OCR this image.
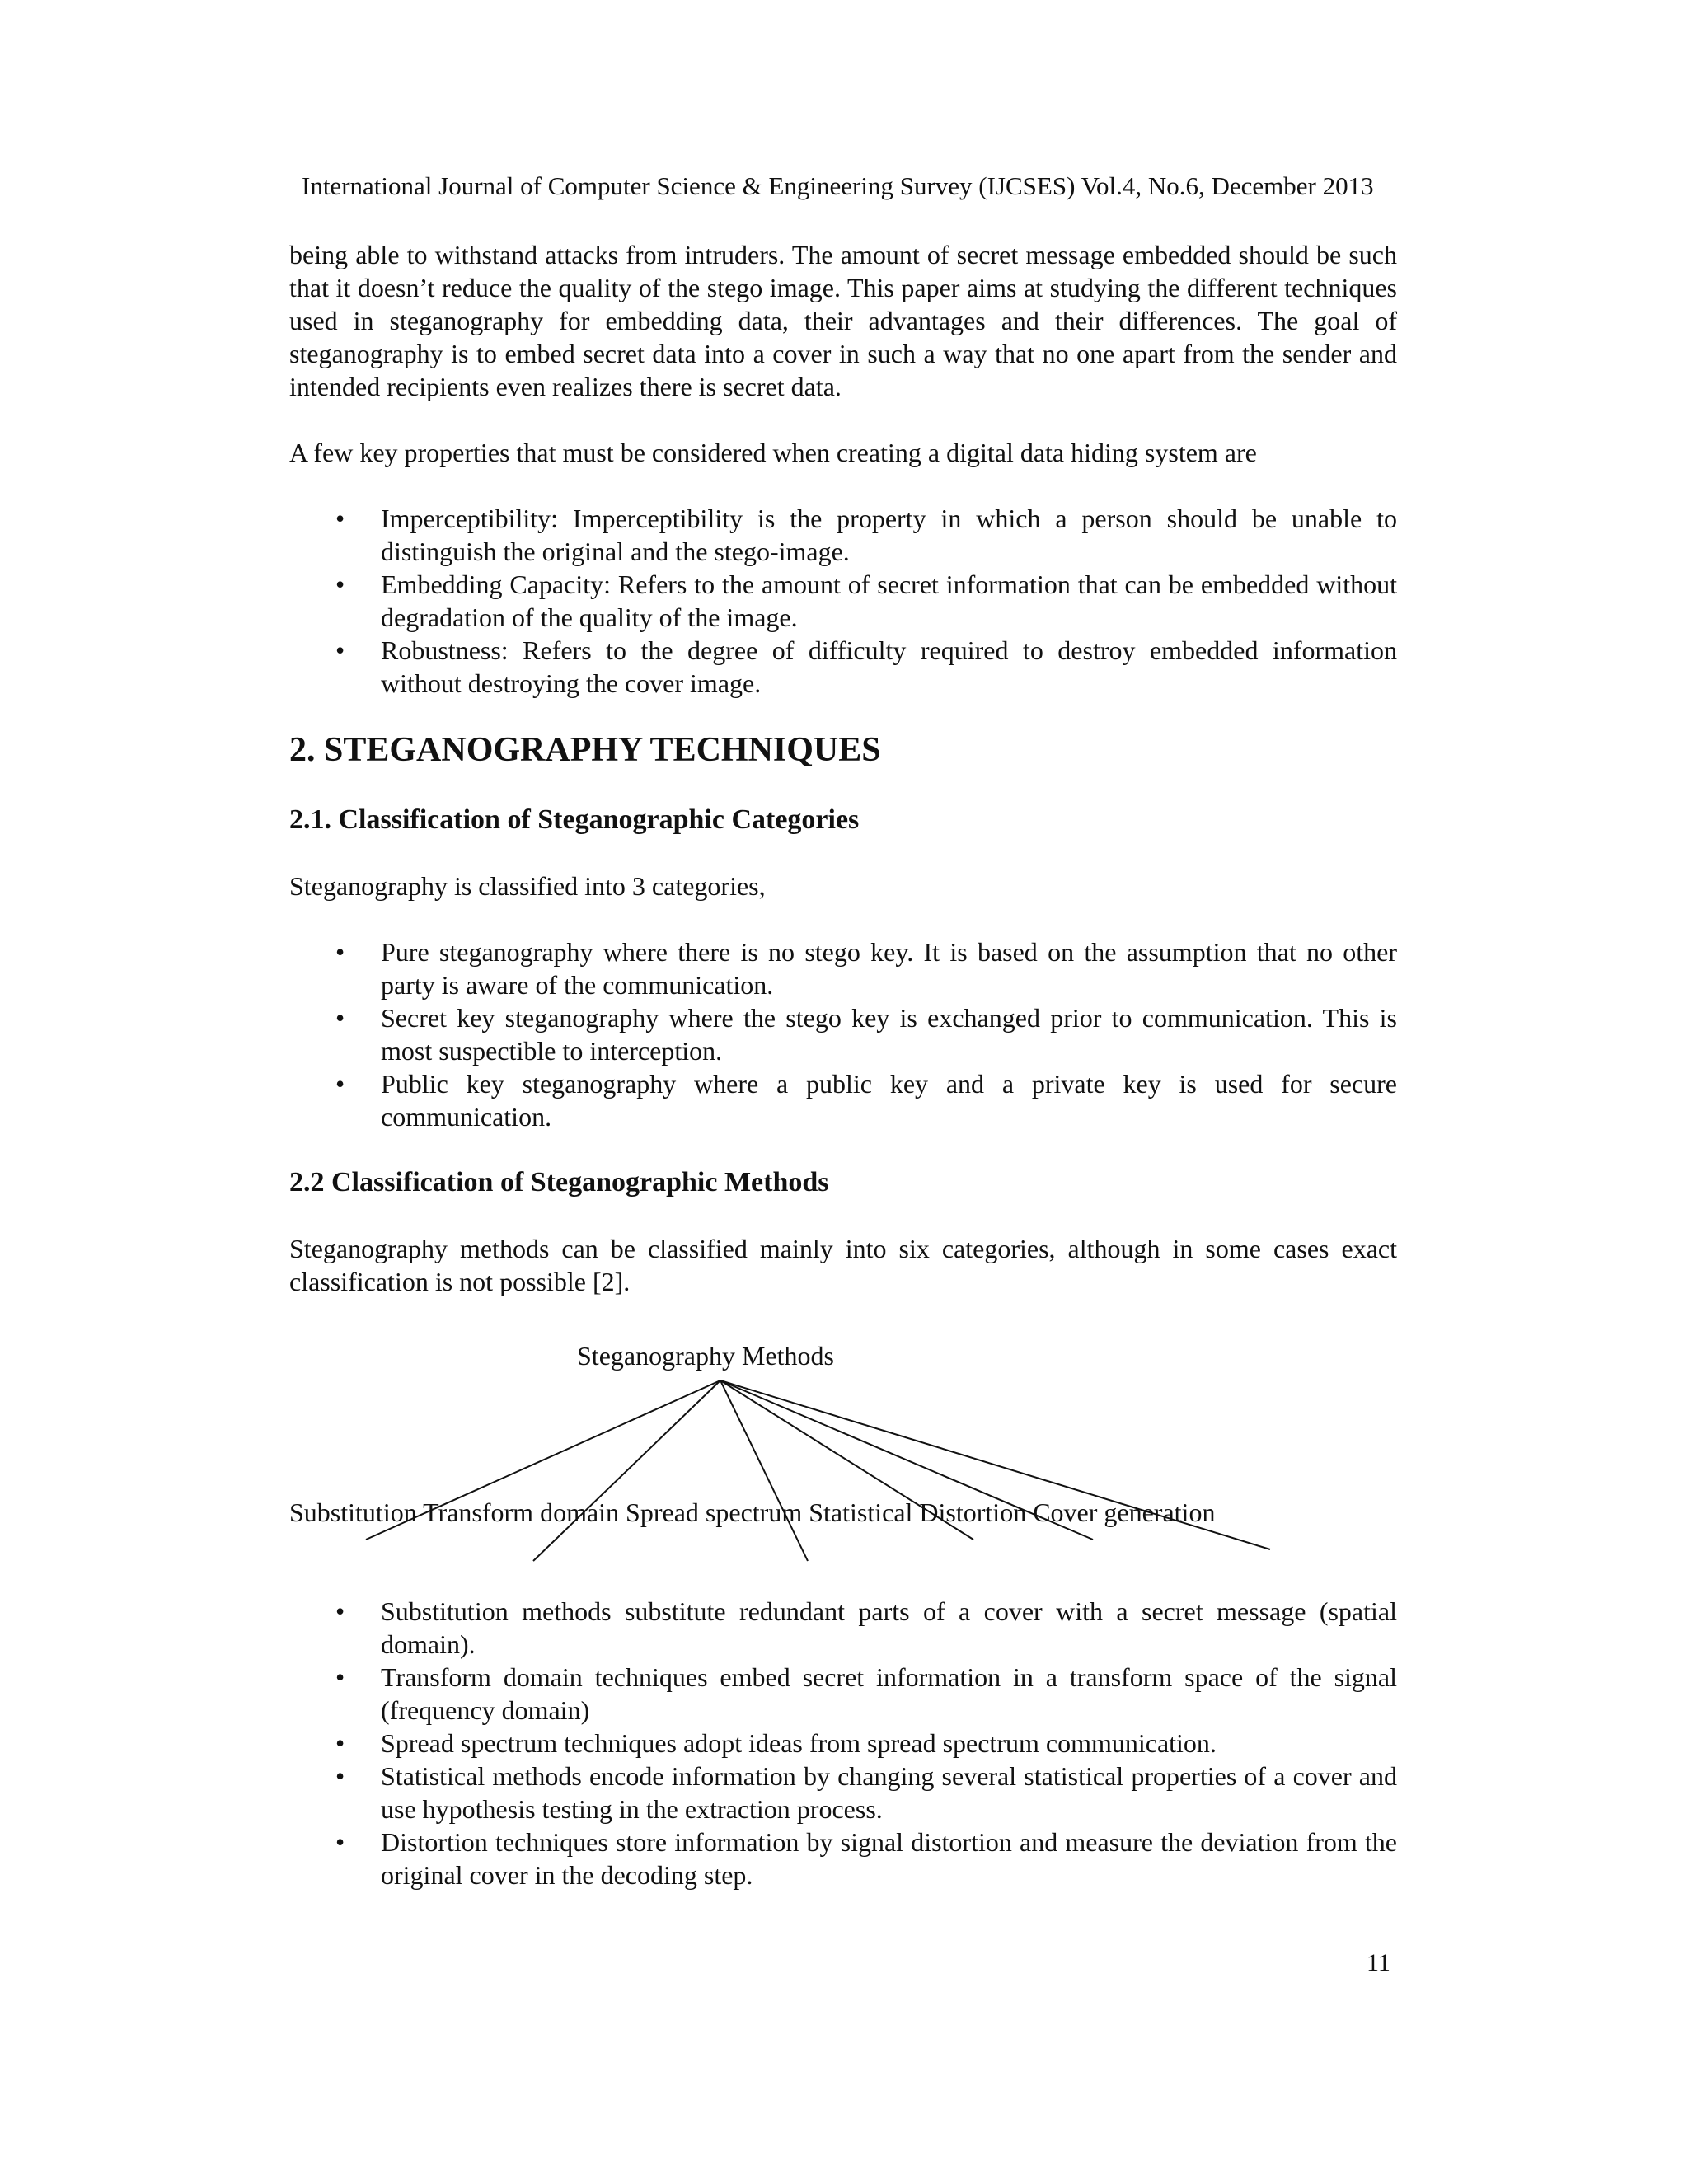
International Journal of Computer Science & Engineering Survey (IJCSES) Vol.4, No.6, December 2013

being able to withstand attacks from intruders. The amount of secret message embedded should be such that it doesn’t reduce the quality of the stego image. This paper aims at studying the different techniques used in steganography for embedding data, their advantages and their differences. The goal of steganography is to embed secret data into a cover in such a way that no one apart from the sender and intended recipients even realizes there is secret data.

A few key properties that must be considered when creating a digital data hiding system are

• Imperceptibility: Imperceptibility is the property in which a person should be unable to distinguish the original and the stego-image.
• Embedding Capacity: Refers to the amount of secret information that can be embedded without degradation of the quality of the image.
• Robustness: Refers to the degree of difficulty required to destroy embedded information without destroying the cover image.
2. STEGANOGRAPHY TECHNIQUES
2.1. Classification of Steganographic Categories

Steganography is classified into 3 categories,

• Pure steganography where there is no stego key. It is based on the assumption that no other party is aware of the communication.
• Secret key steganography where the stego key is exchanged prior to communication. This is most suspectible to interception.
• Public key steganography where a public key and a private key is used for secure communication.
2.2 Classification of Steganographic Methods

Steganography methods can be classified mainly into six categories, although in some cases exact classification is not possible [2].

Steganography Methods
Substitution Transform domain Spread spectrum Statistical Distortion Cover generation
• Substitution methods substitute redundant parts of a cover with a secret message (spatial domain).
• Transform domain techniques embed secret information in a transform space of the signal (frequency domain)
• Spread spectrum techniques adopt ideas from spread spectrum communication.
• Statistical methods encode information by changing several statistical properties of a cover and use hypothesis testing in the extraction process.
• Distortion techniques store information by signal distortion and measure the deviation from the original cover in the decoding step.
11
